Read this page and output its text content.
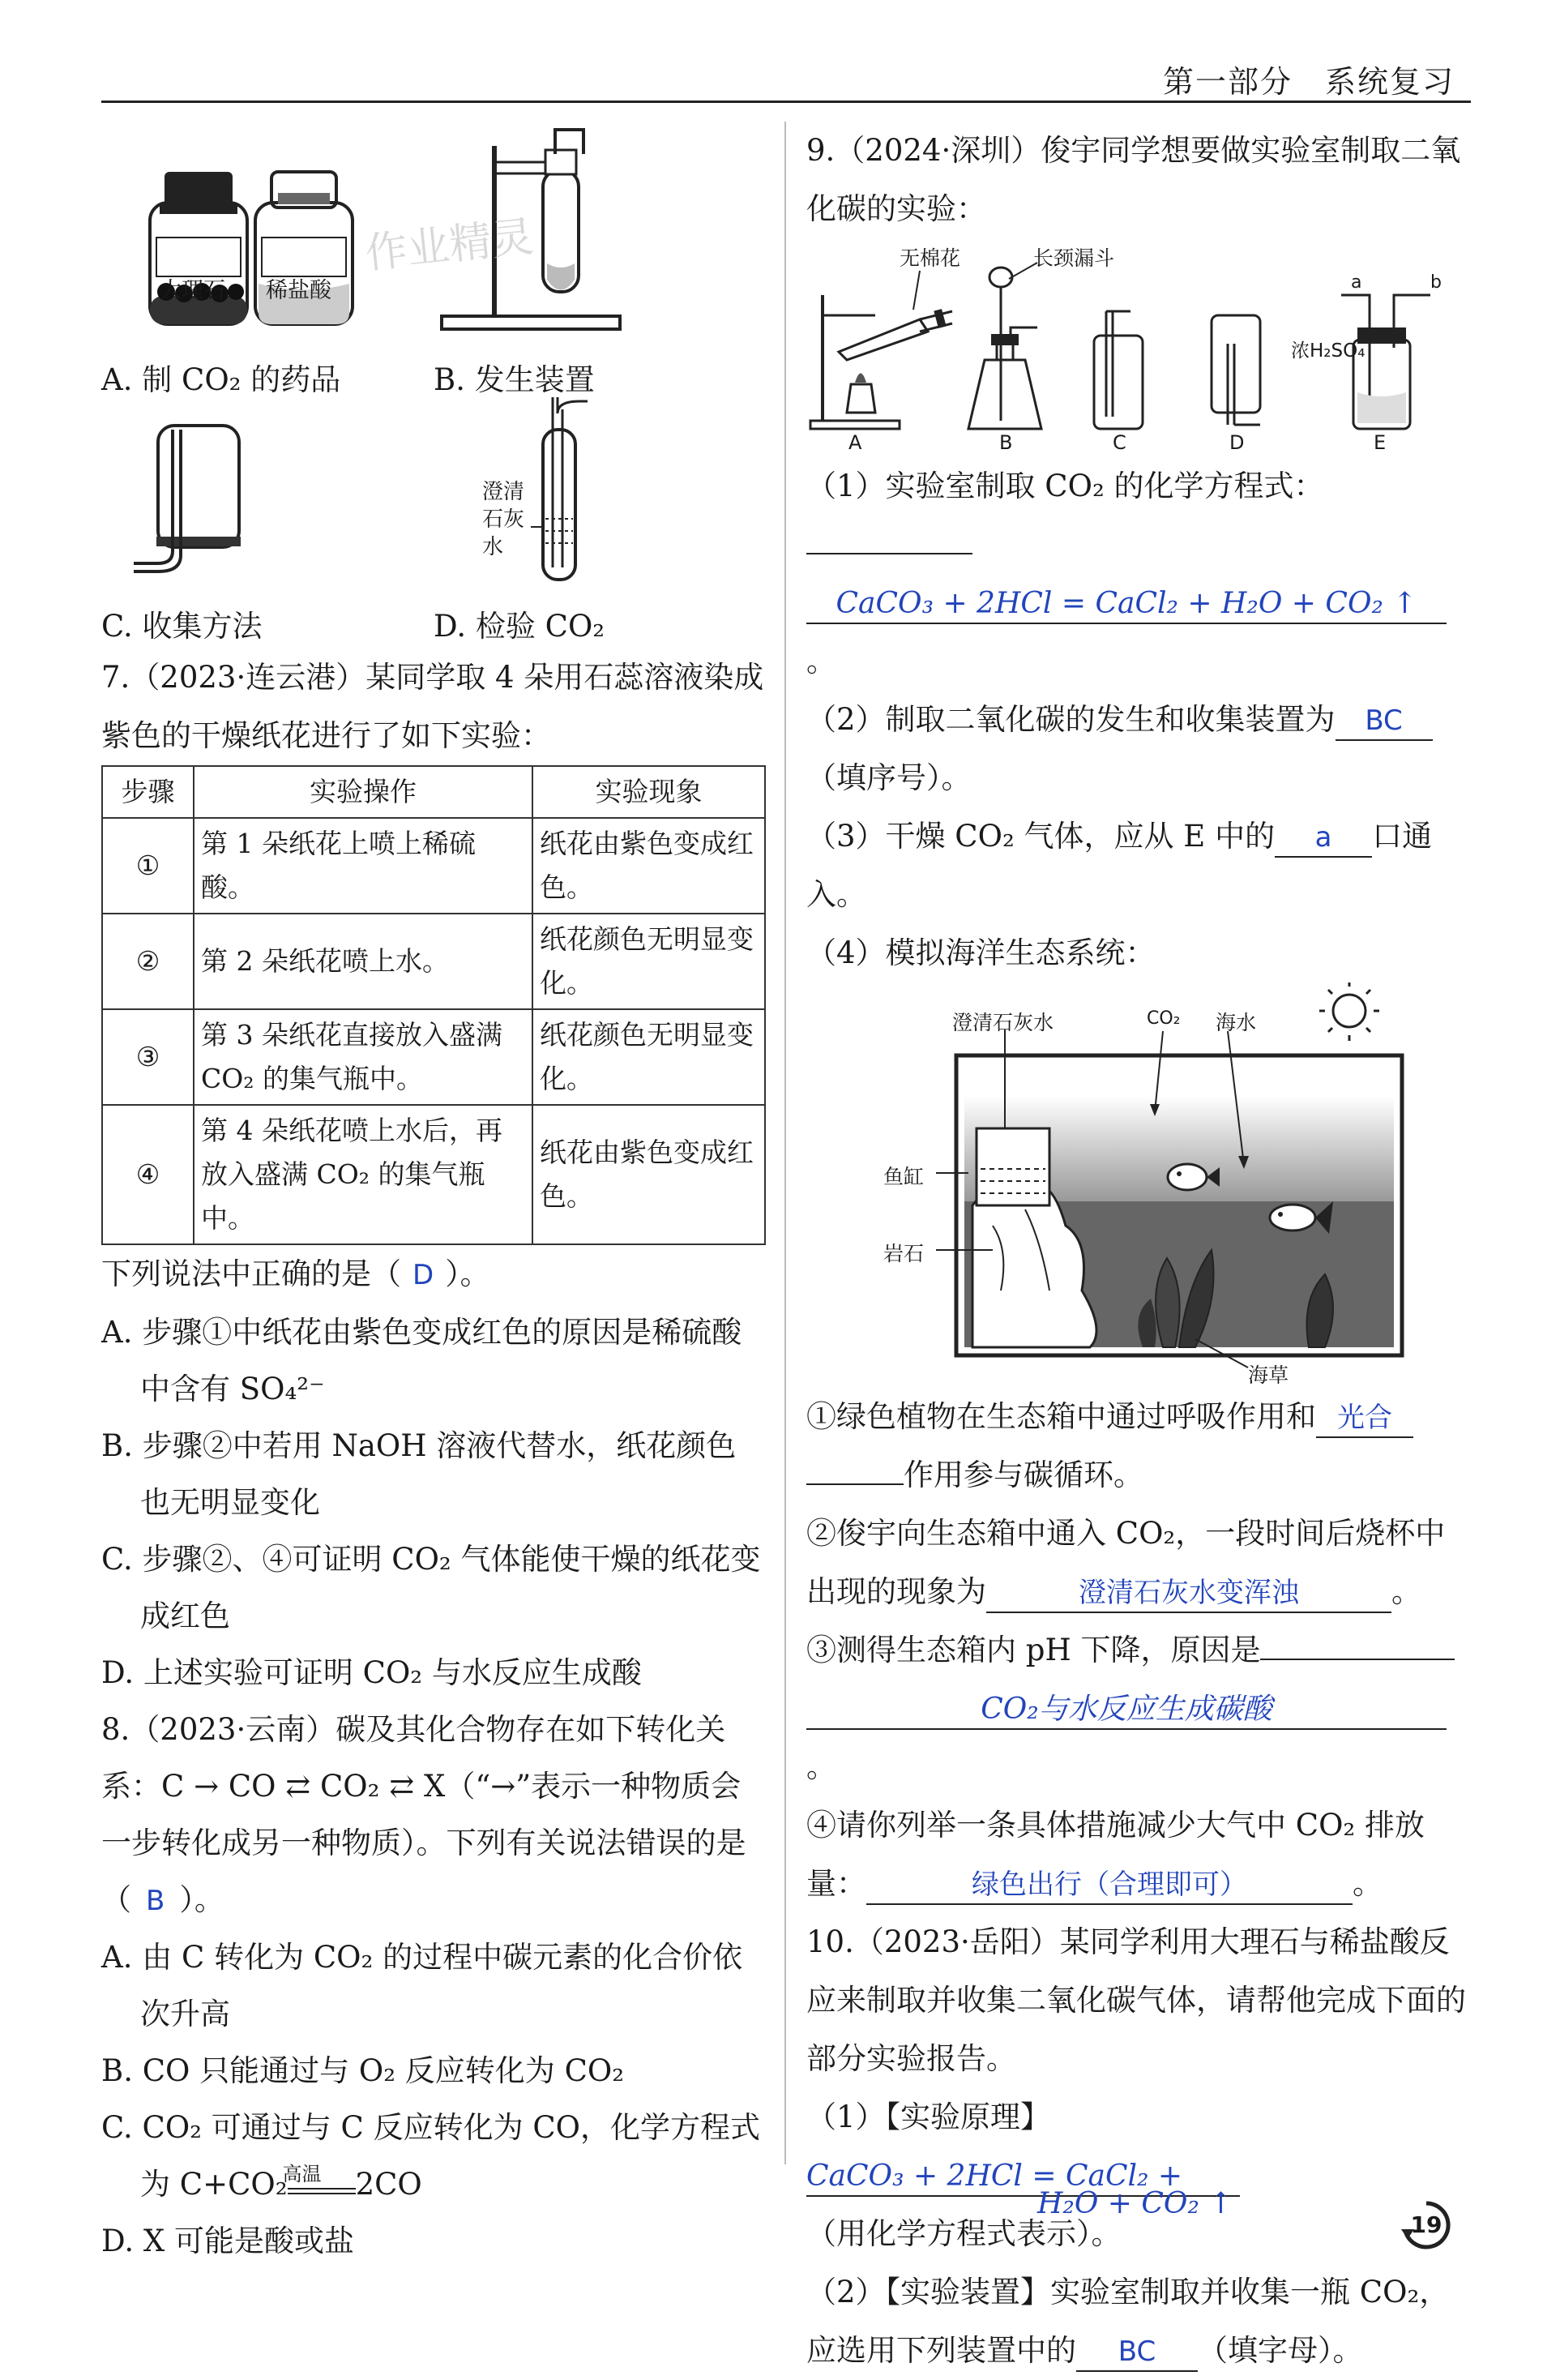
第一部分　系统复习
大理石 稀盐酸
作业精灵
A. 制 CO₂ 的药品	B. 发生装置
澄清石灰水
C. 收集方法	D. 检验 CO₂

7.（2023·连云港）某同学取 4 朵用石蕊溶液染成紫色的干燥纸花进行了如下实验：

步骤	实验操作	实验现象
①	第 1 朵纸花上喷上稀硫酸。	纸花由紫色变成红色。
②	第 2 朵纸花喷上水。	纸花颜色无明显变化。
③	第 3 朵纸花直接放入盛满 CO₂ 的集气瓶中。	纸花颜色无明显变化。
④	第 4 朵纸花喷上水后，再放入盛满 CO₂ 的集气瓶中。	纸花由紫色变成红色。

下列说法中正确的是（ D ）。

A. 步骤①中纸花由紫色变成红色的原因是稀硫酸中含有 SO₄²⁻

B. 步骤②中若用 NaOH 溶液代替水，纸花颜色也无明显变化

C. 步骤②、④可证明 CO₂ 气体能使干燥的纸花变成红色

D. 上述实验可证明 CO₂ 与水反应生成酸

8.（2023·云南）碳及其化合物存在如下转化关系：C → CO ⇄ CO₂ ⇄ X（“→”表示一种物质会一步转化成另一种物质）。下列有关说法错误的是（ B ）。

A. 由 C 转化为 CO₂ 的过程中碳元素的化合价依次升高

B. CO 只能通过与 O₂ 反应转化为 CO₂

C. CO₂ 可通过与 C 反应转化为 CO，化学方程式为 C+CO₂
高温	2CO

D. X 可能是酸或盐

9.（2024·深圳）俊宇同学想要做实验室制取二氧化碳的实验：

无棉花	长颈漏斗
浓H₂SO₄
a	b
A	B	C	D	E

（1）实验室制取 CO₂ 的化学方程式：

CaCO₃ + 2HCl = CaCl₂ + H₂O + CO₂ ↑。

（2）制取二氧化碳的发生和收集装置为 BC

（填序号）。

（3）干燥 CO₂ 气体，应从 E 中的 a 口通入。

（4）模拟海洋生态系统：

澄清石灰水	CO₂ 海水
鱼缸
岩石
海草

①绿色植物在生态箱中通过呼吸作用和 光合

作用参与碳循环。

②俊宇向生态箱中通入 CO₂，一段时间后烧杯中出现的现象为	澄清石灰水变浑浊	。

③测得生态箱内 pH 下降，原因是

CO₂与水反应生成碳酸。

④请你列举一条具体措施减少大气中 CO₂ 排放量：	绿色出行（合理即可）	。

10.（2023·岳阳）某同学利用大理石与稀盐酸反应来制取并收集二氧化碳气体，请帮他完成下面的部分实验报告。

（1）【实验原理】CaCO₃ + 2HCl = CaCl₂ +

H₂O + CO₂ ↑
（用化学方程式表示）。

（2）【实验装置】实验室制取并收集一瓶 CO₂，应选用下列装置中的 BC （填字母）。

19
